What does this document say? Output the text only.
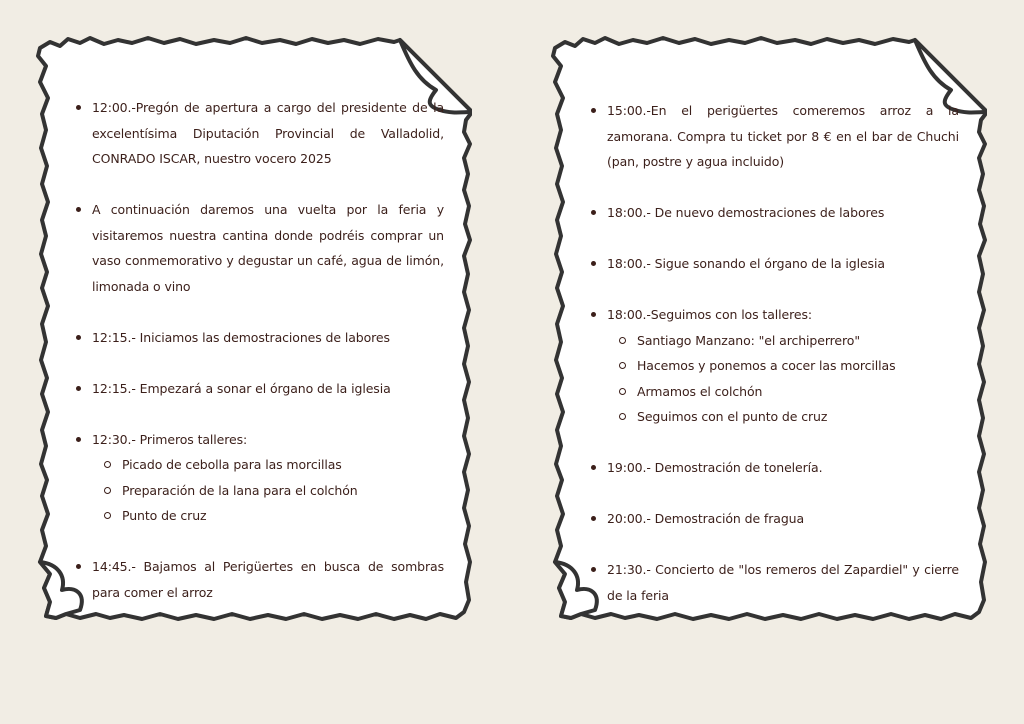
12:00.-Pregón de apertura a cargo del presidente de la excelentísima Diputación Provincial de Valladolid, CONRADO ISCAR, nuestro vocero 2025
A continuación daremos una vuelta por la feria y visitaremos nuestra cantina donde podréis comprar un vaso conmemorativo y degustar un café, agua de limón, limonada o vino
12:15.- Iniciamos las demostraciones de labores
12:15.- Empezará a sonar el órgano de la iglesia
12:30.- Primeros talleres:
Picado de cebolla para las morcillas
Preparación de la lana para el colchón
Punto de cruz
14:45.- Bajamos al Perigüertes en busca de sombras para comer el arroz
15:00.-En el perigüertes comeremos arroz a la zamorana. Compra tu ticket por 8 € en el bar de Chuchi (pan, postre y agua incluido)
18:00.- De nuevo demostraciones de labores
18:00.- Sigue sonando el órgano de la iglesia
18:00.-Seguimos con los talleres:
Santiago Manzano: "el archiperrero"
Hacemos y ponemos a cocer las morcillas
Armamos el colchón
Seguimos con el punto de cruz
19:00.- Demostración de tonelería.
20:00.- Demostración de fragua
21:30.- Concierto de "los remeros del Zapardiel" y cierre de la feria
